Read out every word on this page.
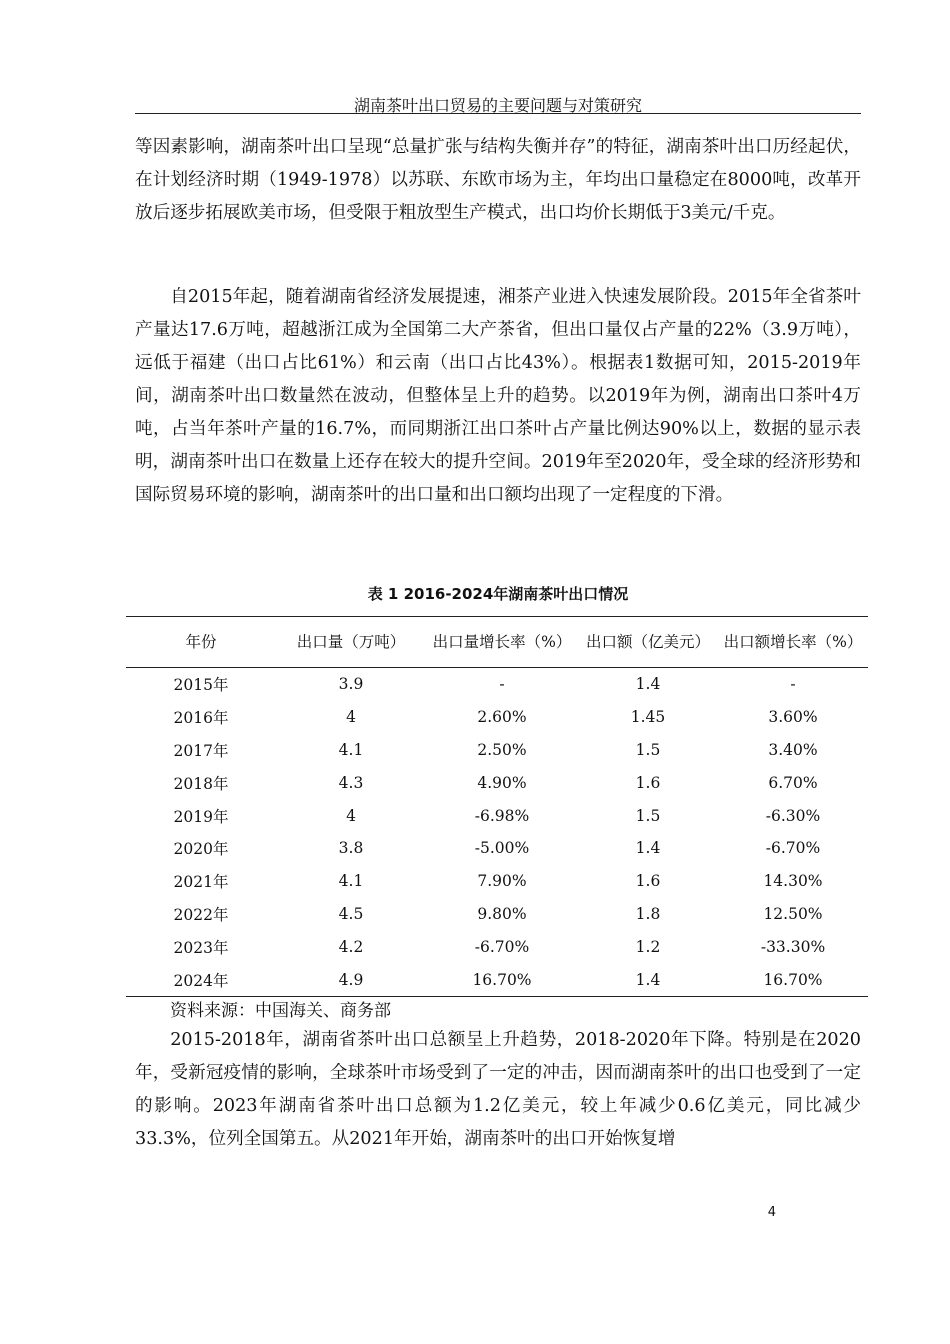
湖南茶叶出口贸易的主要问题与对策研究

等因素影响，湖南茶叶出口呈现“总量扩张与结构失衡并存”的特征，湖南茶叶出口历经起伏，在计划经济时期（1949-1978）以苏联、东欧市场为主，年均出口量稳定在8000吨，改革开放后逐步拓展欧美市场，但受限于粗放型生产模式，出口均价长期低于3美元/千克。

自2015年起，随着湖南省经济发展提速，湘茶产业进入快速发展阶段。2015年全省茶叶产量达17.6万吨，超越浙江成为全国第二大产茶省，但出口量仅占产量的22%（3.9万吨），远低于福建（出口占比61%）和云南（出口占比43%）。根据表1数据可知，2015-2019年间，湖南茶叶出口数量然在波动，但整体呈上升的趋势。以2019年为例，湖南出口茶叶4万吨，占当年茶叶产量的16.7%，而同期浙江出口茶叶占产量比例达90%以上，数据的显示表明，湖南茶叶出口在数量上还存在较大的提升空间。2019年至2020年，受全球的经济形势和国际贸易环境的影响，湖南茶叶的出口量和出口额均出现了一定程度的下滑。

表 1 2016-2024年湖南茶叶出口情况
年份	出口量（万吨）	出口量增长率（%）	出口额（亿美元）	出口额增长率（%）
2015年	3.9	-	1.4	-
2016年	4	2.60%	1.45	3.60%
2017年	4.1	2.50%	1.5	3.40%
2018年	4.3	4.90%	1.6	6.70%
2019年	4	-6.98%	1.5	-6.30%
2020年	3.8	-5.00%	1.4	-6.70%
2021年	4.1	7.90%	1.6	14.30%
2022年	4.5	9.80%	1.8	12.50%
2023年	4.2	-6.70%	1.2	-33.30%
2024年	4.9	16.70%	1.4	16.70%
资料来源：中国海关、商务部

2015-2018年，湖南省茶叶出口总额呈上升趋势，2018-2020年下降。特别是在2020年，受新冠疫情的影响，全球茶叶市场受到了一定的冲击，因而湖南茶叶的出口也受到了一定的影响。2023年湖南省茶叶出口总额为1.2亿美元，较上年减少0.6亿美元，同比减少33.3%，位列全国第五。从2021年开始，湖南茶叶的出口开始恢复增

4
